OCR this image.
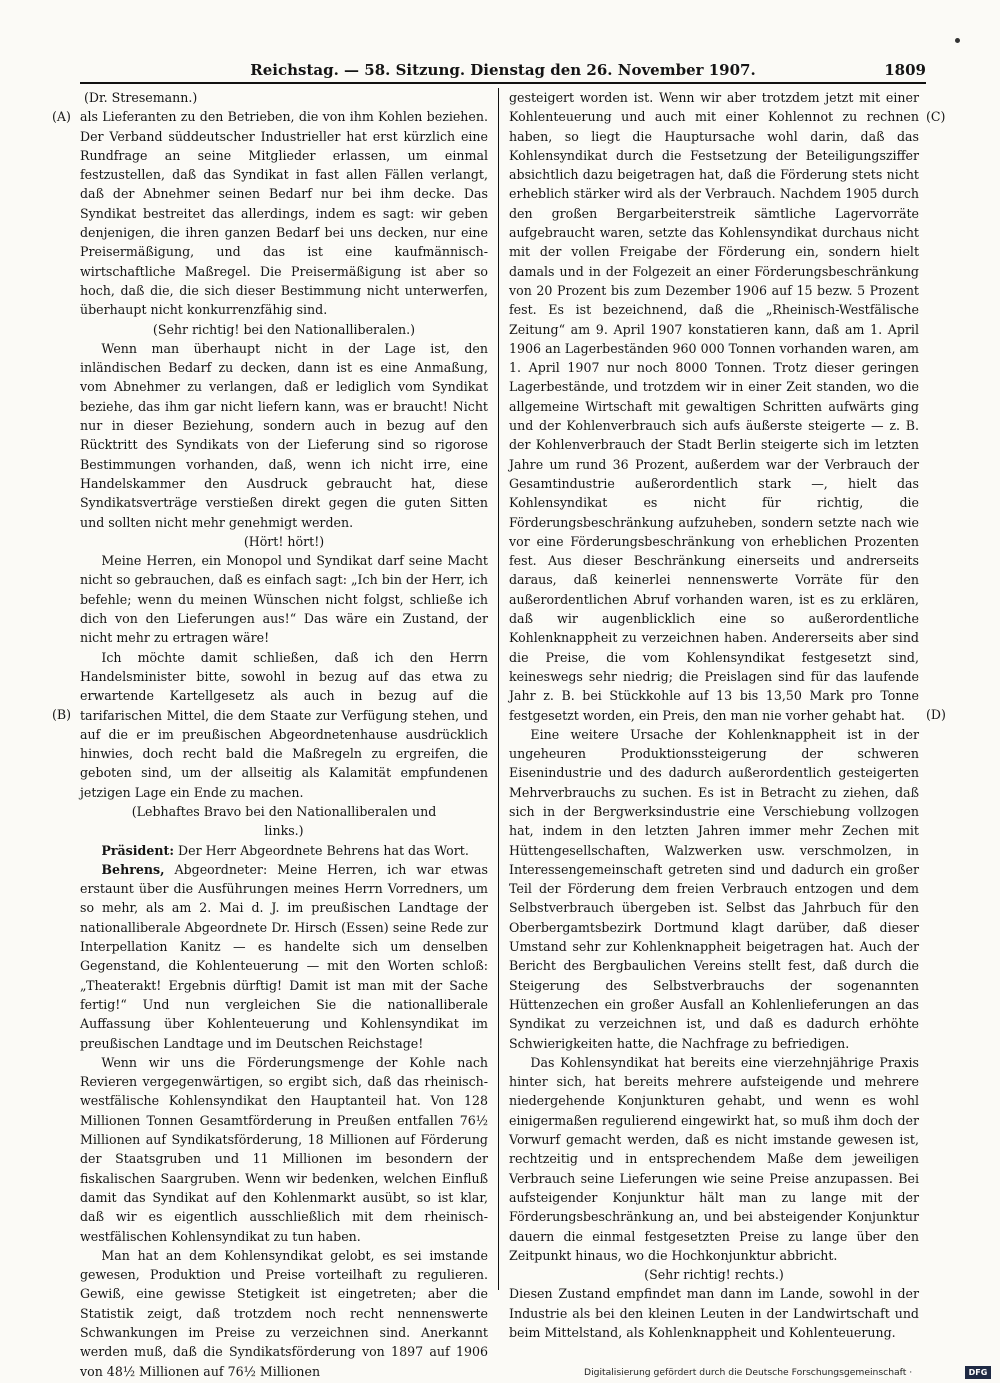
Reichstag. — 58. Sitzung. Dienstag den 26. November 1907.	1809
(A)
(B)
(C)
(D)

(Dr. Stresemann.)

als Lieferanten zu den Betrieben, die von ihm Kohlen beziehen. Der Verband süddeutscher Industrieller hat erst kürzlich eine Rundfrage an seine Mitglieder erlassen, um einmal festzustellen, daß das Syndikat in fast allen Fällen verlangt, daß der Abnehmer seinen Bedarf nur bei ihm decke. Das Syndikat bestreitet das allerdings, indem es sagt: wir geben denjenigen, die ihren ganzen Bedarf bei uns decken, nur eine Preisermäßigung, und das ist eine kaufmännisch-wirtschaftliche Maßregel. Die Preisermäßigung ist aber so hoch, daß die, die sich dieser Bestimmung nicht unterwerfen, überhaupt nicht konkurrenzfähig sind.

(Sehr richtig! bei den Nationalliberalen.)

Wenn man überhaupt nicht in der Lage ist, den inländischen Bedarf zu decken, dann ist es eine Anmaßung, vom Abnehmer zu verlangen, daß er lediglich vom Syndikat beziehe, das ihm gar nicht liefern kann, was er braucht! Nicht nur in dieser Beziehung, sondern auch in bezug auf den Rücktritt des Syndikats von der Lieferung sind so rigorose Bestimmungen vorhanden, daß, wenn ich nicht irre, eine Handelskammer den Ausdruck gebraucht hat, diese Syndikatsverträge verstießen direkt gegen die guten Sitten und sollten nicht mehr genehmigt werden.

(Hört! hört!)

Meine Herren, ein Monopol und Syndikat darf seine Macht nicht so gebrauchen, daß es einfach sagt: „Ich bin der Herr, ich befehle; wenn du meinen Wünschen nicht folgst, schließe ich dich von den Lieferungen aus!“ Das wäre ein Zustand, der nicht mehr zu ertragen wäre!

Ich möchte damit schließen, daß ich den Herrn Handelsminister bitte, sowohl in bezug auf das etwa zu erwartende Kartellgesetz als auch in bezug auf die tarifarischen Mittel, die dem Staate zur Verfügung stehen, und auf die er im preußischen Abgeordnetenhause ausdrücklich hinwies, doch recht bald die Maßregeln zu ergreifen, die geboten sind, um der allseitig als Kalamität empfundenen jetzigen Lage ein Ende zu machen.

(Lebhaftes Bravo bei den Nationalliberalen und links.)

Präsident: Der Herr Abgeordnete Behrens hat das Wort.

Behrens, Abgeordneter: Meine Herren, ich war etwas erstaunt über die Ausführungen meines Herrn Vorredners, um so mehr, als am 2. Mai d. J. im preußischen Landtage der nationalliberale Abgeordnete Dr. Hirsch (Essen) seine Rede zur Interpellation Kanitz — es handelte sich um denselben Gegenstand, die Kohlenteuerung — mit den Worten schloß: „Theaterakt! Ergebnis dürftig! Damit ist man mit der Sache fertig!“ Und nun vergleichen Sie die nationalliberale Auffassung über Kohlenteuerung und Kohlensyndikat im preußischen Landtage und im Deutschen Reichstage!

Wenn wir uns die Förderungsmenge der Kohle nach Revieren vergegenwärtigen, so ergibt sich, daß das rheinisch-westfälische Kohlensyndikat den Hauptanteil hat. Von 128 Millionen Tonnen Gesamtförderung in Preußen entfallen 76½ Millionen auf Syndikatsförderung, 18 Millionen auf Förderung der Staatsgruben und 11 Millionen im besondern der fiskalischen Saargruben. Wenn wir bedenken, welchen Einfluß damit das Syndikat auf den Kohlenmarkt ausübt, so ist klar, daß wir es eigentlich ausschließlich mit dem rheinisch-westfälischen Kohlensyndikat zu tun haben.

Man hat an dem Kohlensyndikat gelobt, es sei imstande gewesen, Produktion und Preise vorteilhaft zu regulieren. Gewiß, eine gewisse Stetigkeit ist eingetreten; aber die Statistik zeigt, daß trotzdem noch recht nennenswerte Schwankungen im Preise zu verzeichnen sind. Anerkannt werden muß, daß die Syndikatsförderung von 1897 auf 1906 von 48½ Millionen auf 76½ Millionen

gesteigert worden ist. Wenn wir aber trotzdem jetzt mit einer Kohlenteuerung und auch mit einer Kohlennot zu rechnen haben, so liegt die Hauptursache wohl darin, daß das Kohlensyndikat durch die Festsetzung der Beteiligungsziffer absichtlich dazu beigetragen hat, daß die Förderung stets nicht erheblich stärker wird als der Verbrauch. Nachdem 1905 durch den großen Bergarbeiterstreik sämtliche Lagervorräte aufgebraucht waren, setzte das Kohlensyndikat durchaus nicht mit der vollen Freigabe der Förderung ein, sondern hielt damals und in der Folgezeit an einer Förderungsbeschränkung von 20 Prozent bis zum Dezember 1906 auf 15 bezw. 5 Prozent fest. Es ist bezeichnend, daß die „Rheinisch-Westfälische Zeitung“ am 9. April 1907 konstatieren kann, daß am 1. April 1906 an Lagerbeständen 960 000 Tonnen vorhanden waren, am 1. April 1907 nur noch 8000 Tonnen. Trotz dieser geringen Lagerbestände, und trotzdem wir in einer Zeit standen, wo die allgemeine Wirtschaft mit gewaltigen Schritten aufwärts ging und der Kohlenverbrauch sich aufs äußerste steigerte — z. B. der Kohlenverbrauch der Stadt Berlin steigerte sich im letzten Jahre um rund 36 Prozent, außerdem war der Verbrauch der Gesamtindustrie außerordentlich stark —, hielt das Kohlensyndikat es nicht für richtig, die Förderungsbeschränkung aufzuheben, sondern setzte nach wie vor eine Förderungsbeschränkung von erheblichen Prozenten fest. Aus dieser Beschränkung einerseits und andrerseits daraus, daß keinerlei nennenswerte Vorräte für den außerordentlichen Abruf vorhanden waren, ist es zu erklären, daß wir augenblicklich eine so außerordentliche Kohlenknappheit zu verzeichnen haben. Andererseits aber sind die Preise, die vom Kohlensyndikat festgesetzt sind, keineswegs sehr niedrig; die Preislagen sind für das laufende Jahr z. B. bei Stückkohle auf 13 bis 13,50 Mark pro Tonne festgesetzt worden, ein Preis, den man nie vorher gehabt hat.

Eine weitere Ursache der Kohlenknappheit ist in der ungeheuren Produktionssteigerung der schweren Eisenindustrie und des dadurch außerordentlich gesteigerten Mehrverbrauchs zu suchen. Es ist in Betracht zu ziehen, daß sich in der Bergwerksindustrie eine Verschiebung vollzogen hat, indem in den letzten Jahren immer mehr Zechen mit Hüttengesellschaften, Walzwerken usw. verschmolzen, in Interessengemeinschaft getreten sind und dadurch ein großer Teil der Förderung dem freien Verbrauch entzogen und dem Selbstverbrauch übergeben ist. Selbst das Jahrbuch für den Oberbergamtsbezirk Dortmund klagt darüber, daß dieser Umstand sehr zur Kohlenknappheit beigetragen hat. Auch der Bericht des Bergbaulichen Vereins stellt fest, daß durch die Steigerung des Selbstverbrauchs der sogenannten Hüttenzechen ein großer Ausfall an Kohlenlieferungen an das Syndikat zu verzeichnen ist, und daß es dadurch erhöhte Schwierigkeiten hatte, die Nachfrage zu befriedigen.

Das Kohlensyndikat hat bereits eine vierzehnjährige Praxis hinter sich, hat bereits mehrere aufsteigende und mehrere niedergehende Konjunkturen gehabt, und wenn es wohl einigermaßen regulierend eingewirkt hat, so muß ihm doch der Vorwurf gemacht werden, daß es nicht imstande gewesen ist, rechtzeitig und in entsprechendem Maße dem jeweiligen Verbrauch seine Lieferungen wie seine Preise anzupassen. Bei aufsteigender Konjunktur hält man zu lange mit der Förderungsbeschränkung an, und bei absteigender Konjunktur dauern die einmal festgesetzten Preise zu lange über den Zeitpunkt hinaus, wo die Hochkonjunktur abbricht.

(Sehr richtig! rechts.)

Diesen Zustand empfindet man dann im Lande, sowohl in der Industrie als bei den kleinen Leuten in der Landwirtschaft und beim Mittelstand, als Kohlenknappheit und Kohlenteuerung.

Digitalisierung gefördert durch die Deutsche Forschungsgemeinschaft ·	DFG
